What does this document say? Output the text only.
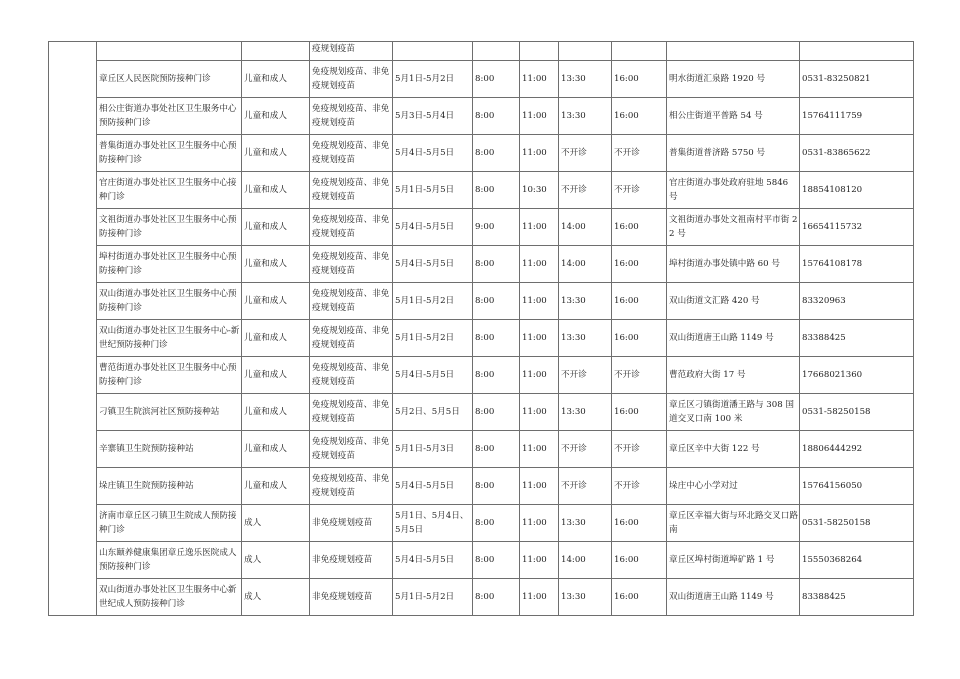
			疫规划疫苗							
	章丘区人民医院预防接种门诊	儿童和成人	免疫规划疫苗、非免疫规划疫苗	5月1日-5月2日	8:00	11:00	13:30	16:00	明水街道汇泉路 1920 号	0531-83250821
	相公庄街道办事处社区卫生服务中心预防接种门诊	儿童和成人	免疫规划疫苗、非免疫规划疫苗	5月3日-5月4日	8:00	11:00	13:30	16:00	相公庄街道平普路 54 号	15764111759
	普集街道办事处社区卫生服务中心预防接种门诊	儿童和成人	免疫规划疫苗、非免疫规划疫苗	5月4日-5月5日	8:00	11:00	不开诊	不开诊	普集街道普济路 5750 号	0531-83865622
	官庄街道办事处社区卫生服务中心接种门诊	儿童和成人	免疫规划疫苗、非免疫规划疫苗	5月1日-5月5日	8:00	10:30	不开诊	不开诊	官庄街道办事处政府驻地 5846 号	18854108120
	文祖街道办事处社区卫生服务中心预防接种门诊	儿童和成人	免疫规划疫苗、非免疫规划疫苗	5月4日-5月5日	9:00	11:00	14:00	16:00	文祖街道办事处文祖南村平市街 22 号	16654115732
	埠村街道办事处社区卫生服务中心预防接种门诊	儿童和成人	免疫规划疫苗、非免疫规划疫苗	5月4日-5月5日	8:00	11:00	14:00	16:00	埠村街道办事处镇中路 60 号	15764108178
	双山街道办事处社区卫生服务中心预防接种门诊	儿童和成人	免疫规划疫苗、非免疫规划疫苗	5月1日-5月2日	8:00	11:00	13:30	16:00	双山街道文汇路 420 号	83320963
	双山街道办事处社区卫生服务中心-新世纪预防接种门诊	儿童和成人	免疫规划疫苗、非免疫规划疫苗	5月1日-5月2日	8:00	11:00	13:30	16:00	双山街道唐王山路 1149 号	83388425
	曹范街道办事处社区卫生服务中心预防接种门诊	儿童和成人	免疫规划疫苗、非免疫规划疫苗	5月4日-5月5日	8:00	11:00	不开诊	不开诊	曹范政府大街 17 号	17668021360
	刁镇卫生院滨河社区预防接种站	儿童和成人	免疫规划疫苗、非免疫规划疫苗	5月2日、5月5日	8:00	11:00	13:30	16:00	章丘区刁镇街道潘王路与 308 国道交叉口南 100 米	0531-58250158
	辛寨镇卫生院预防接种站	儿童和成人	免疫规划疫苗、非免疫规划疫苗	5月1日-5月3日	8:00	11:00	不开诊	不开诊	章丘区辛中大街 122 号	18806444292
	垛庄镇卫生院预防接种站	儿童和成人	免疫规划疫苗、非免疫规划疫苗	5月4日-5月5日	8:00	11:00	不开诊	不开诊	垛庄中心小学对过	15764156050
	济南市章丘区刁镇卫生院成人预防接种门诊	成人	非免疫规划疫苗	5月1日、5月4日、5月5日	8:00	11:00	13:30	16:00	章丘区幸福大街与环北路交叉口路南	0531-58250158
	山东颐养健康集团章丘逸乐医院成人预防接种门诊	成人	非免疫规划疫苗	5月4日-5月5日	8:00	11:00	14:00	16:00	章丘区埠村街道埠矿路 1 号	15550368264
	双山街道办事处社区卫生服务中心新世纪成人预防接种门诊	成人	非免疫规划疫苗	5月1日-5月2日	8:00	11:00	13:30	16:00	双山街道唐王山路 1149 号	83388425
